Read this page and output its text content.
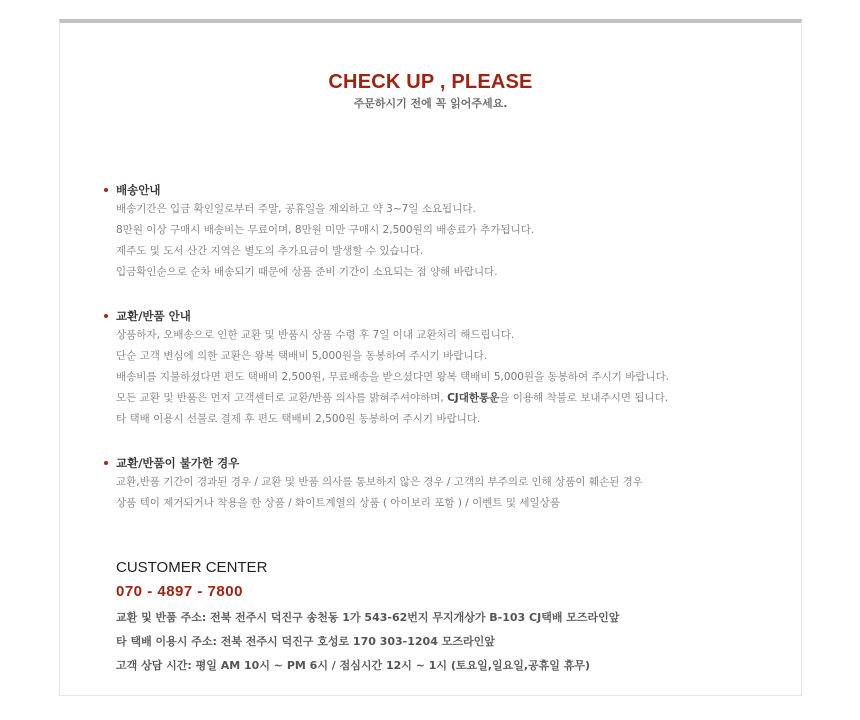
CHECK UP , PLEASE
주문하시기 전에 꼭 읽어주세요.
배송안내
배송기간은 입금 확인일로부터 주말, 공휴일을 제외하고 약 3~7일 소요됩니다.
8만원 이상 구매시 배송비는 무료이며, 8만원 미만 구매시 2,500원의 배송료가 추가됩니다.
제주도 및 도서 산간 지역은 별도의 추가요금이 발생할 수 있습니다.
입금확인순으로 순차 배송되기 때문에 상품 준비 기간이 소요되는 점 양해 바랍니다.
교환/반품 안내
상품하자, 오배송으로 인한 교환 및 반품시 상품 수령 후 7일 이내 교환처리 해드립니다.
단순 고객 변심에 의한 교환은 왕복 택배비 5,000원을 동봉하여 주시기 바랍니다.
배송비를 지불하셨다면 편도 택배비 2,500원, 무료배송을 받으셨다면 왕복 택배비 5,000원을 동봉하여 주시기 바랍니다.
모든 교환 및 반품은 먼저 고객센터로 교환/반품 의사를 밝혀주셔야하며, CJ대한통운을 이용해 착불로 보내주시면 됩니다.
타 택배 이용시 선불로 결제 후 편도 택배비 2,500원 동봉하여 주시기 바랍니다.
교환/반품이 불가한 경우
교환,반품 기간이 경과된 경우 / 교환 및 반품 의사를 통보하지 않은 경우 / 고객의 부주의로 인해 상품이 훼손된 경우
상품 텍이 제거되거나 착용을 한 상품 / 화이트계열의 상품 ( 아이보리 포함 ) / 이벤트 및 세일상품
CUSTOMER CENTER
070 - 4897 - 7800
교환 및 반품 주소: 전북 전주시 덕진구 송천동 1가 543-62번지 무지개상가 B-103 CJ택배 모즈라인앞
타 택배 이용시 주소: 전북 전주시 덕진구 호성로 170 303-1204 모즈라인앞
고객 상담 시간: 평일 AM 10시 ~ PM 6시 / 점심시간 12시 ~ 1시 (토요일,일요일,공휴일 휴무)
